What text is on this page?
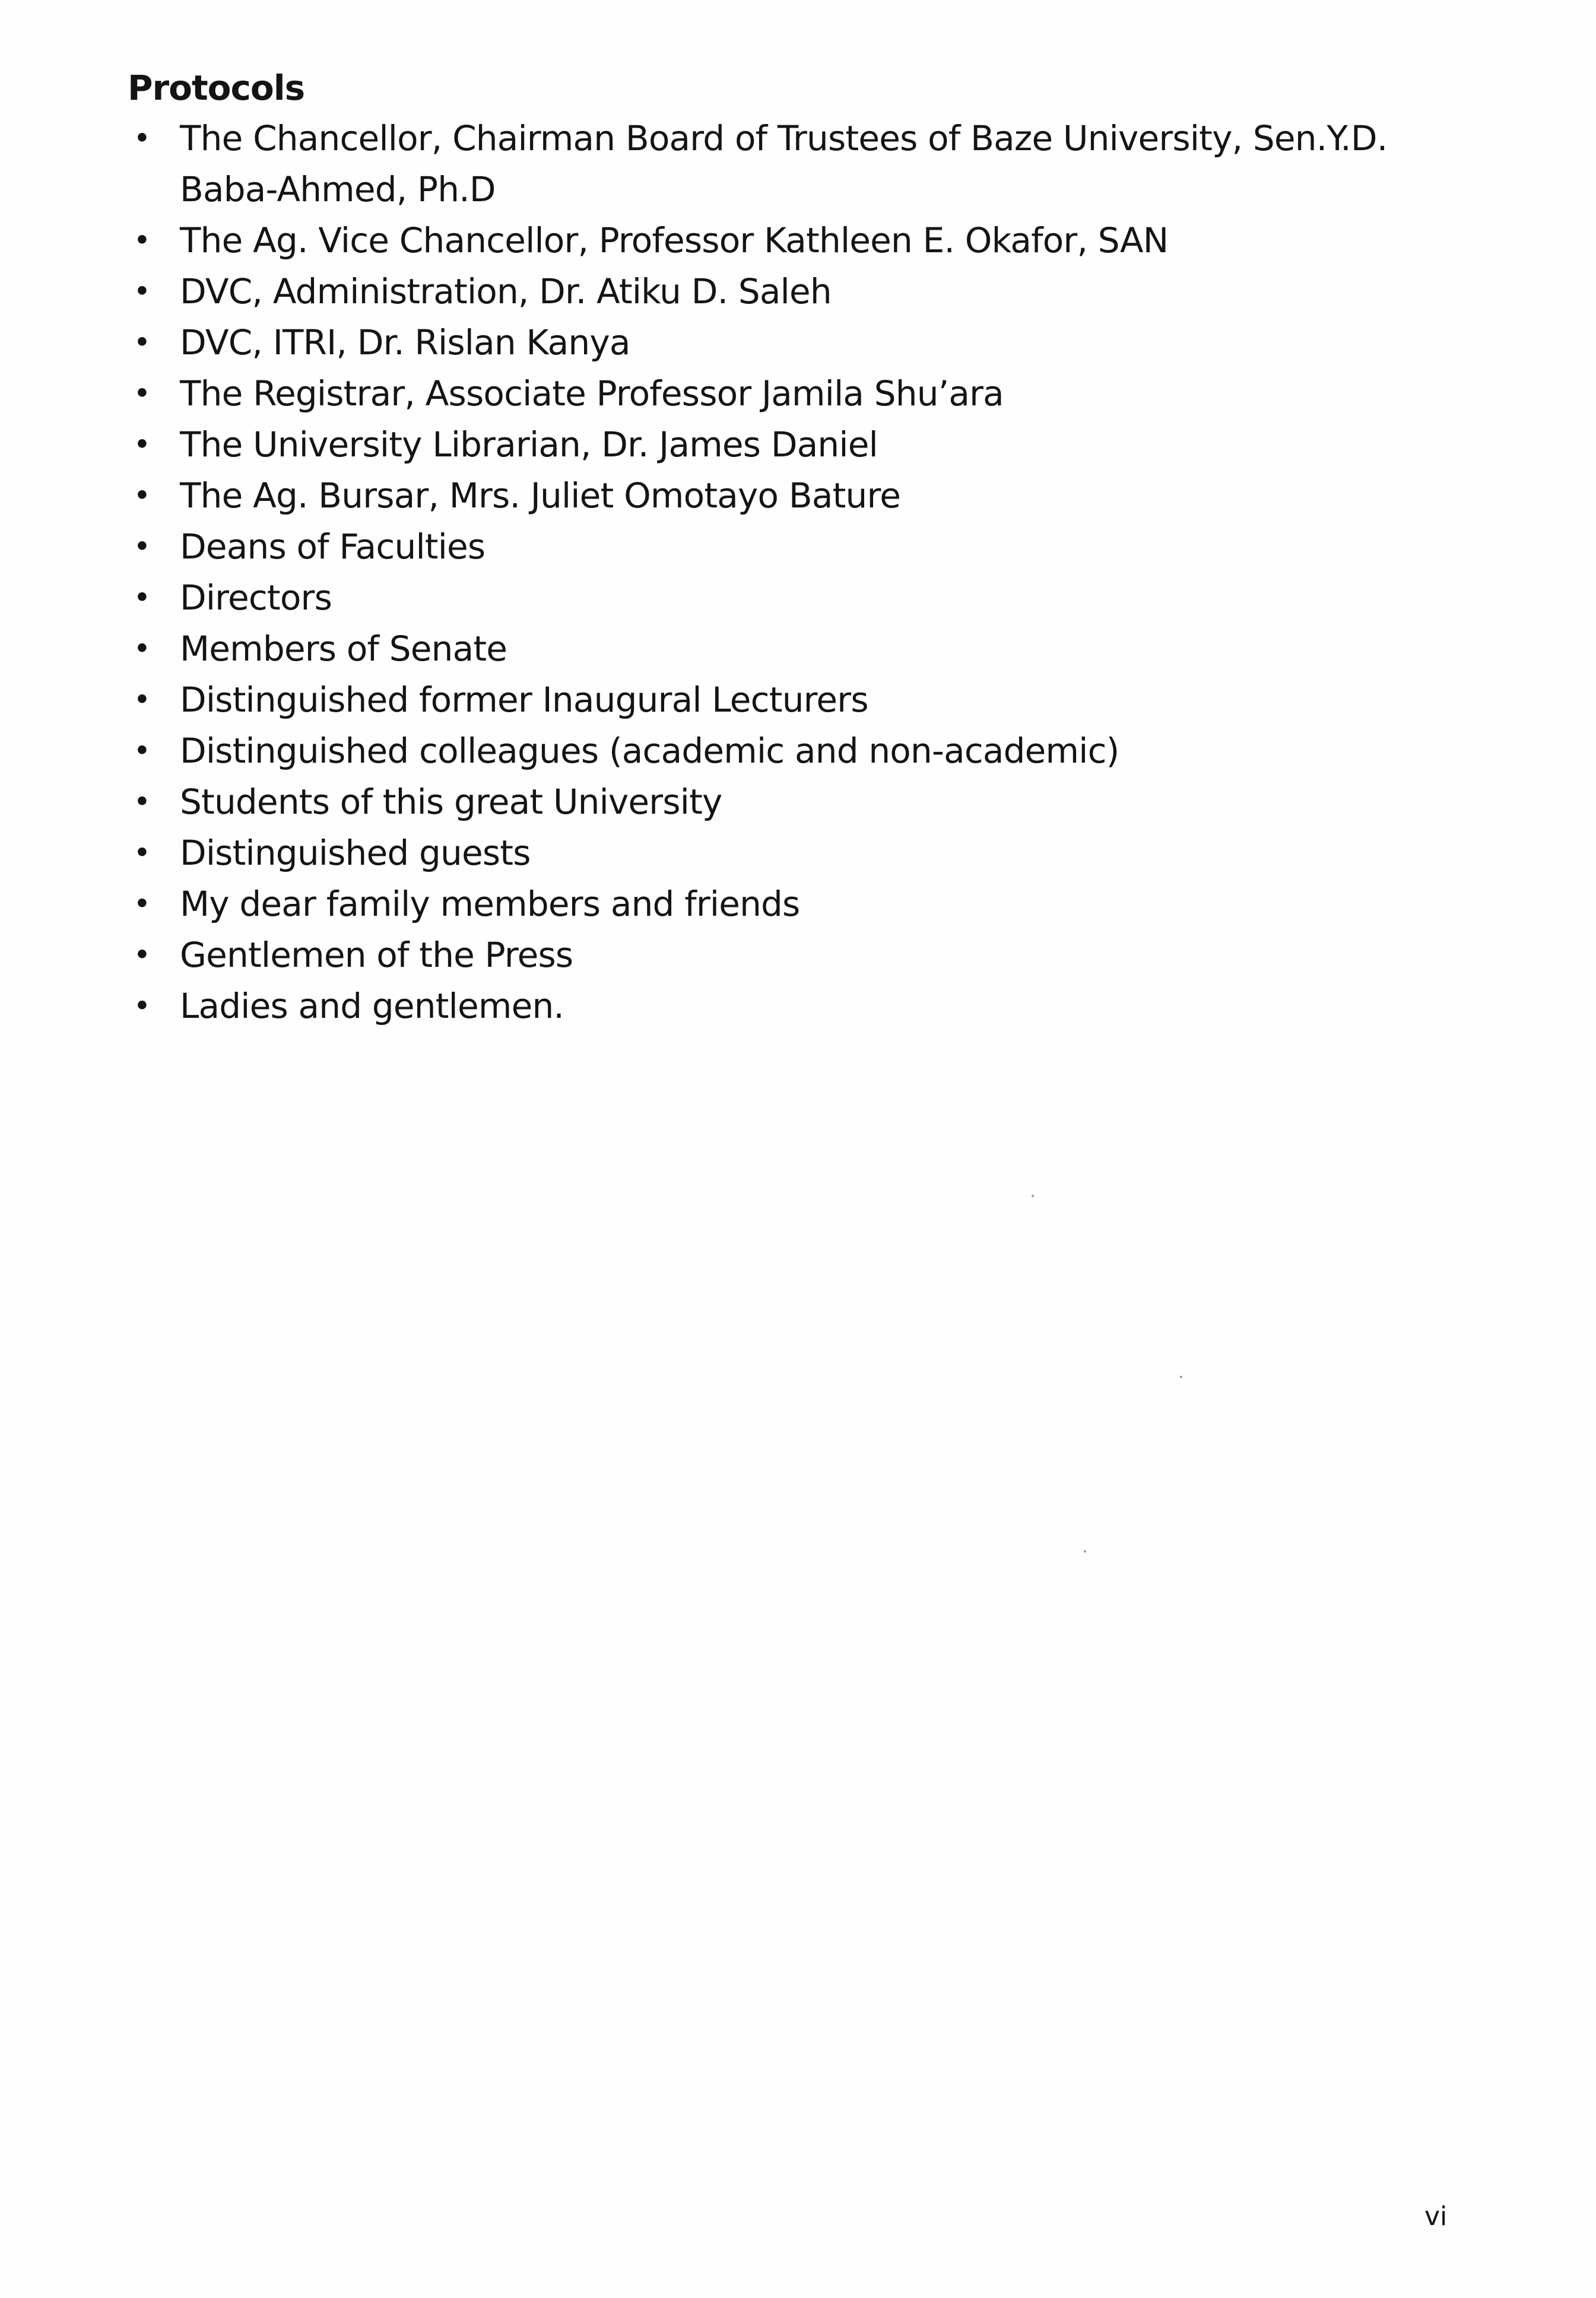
Protocols
• The Chancellor, Chairman Board of Trustees of Baze University, Sen.Y.D. Baba-Ahmed, Ph.D
• The Ag. Vice Chancellor, Professor Kathleen E. Okafor, SAN
• DVC, Administration, Dr. Atiku D. Saleh
• DVC, ITRI, Dr. Rislan Kanya
• The Registrar, Associate Professor Jamila Shu’ara
• The University Librarian, Dr. James Daniel
• The Ag. Bursar, Mrs. Juliet Omotayo Bature
• Deans of Faculties
• Directors
• Members of Senate
• Distinguished former Inaugural Lecturers
• Distinguished colleagues (academic and non-academic)
• Students of this great University
• Distinguished guests
• My dear family members and friends
• Gentlemen of the Press
• Ladies and gentlemen.
vi
